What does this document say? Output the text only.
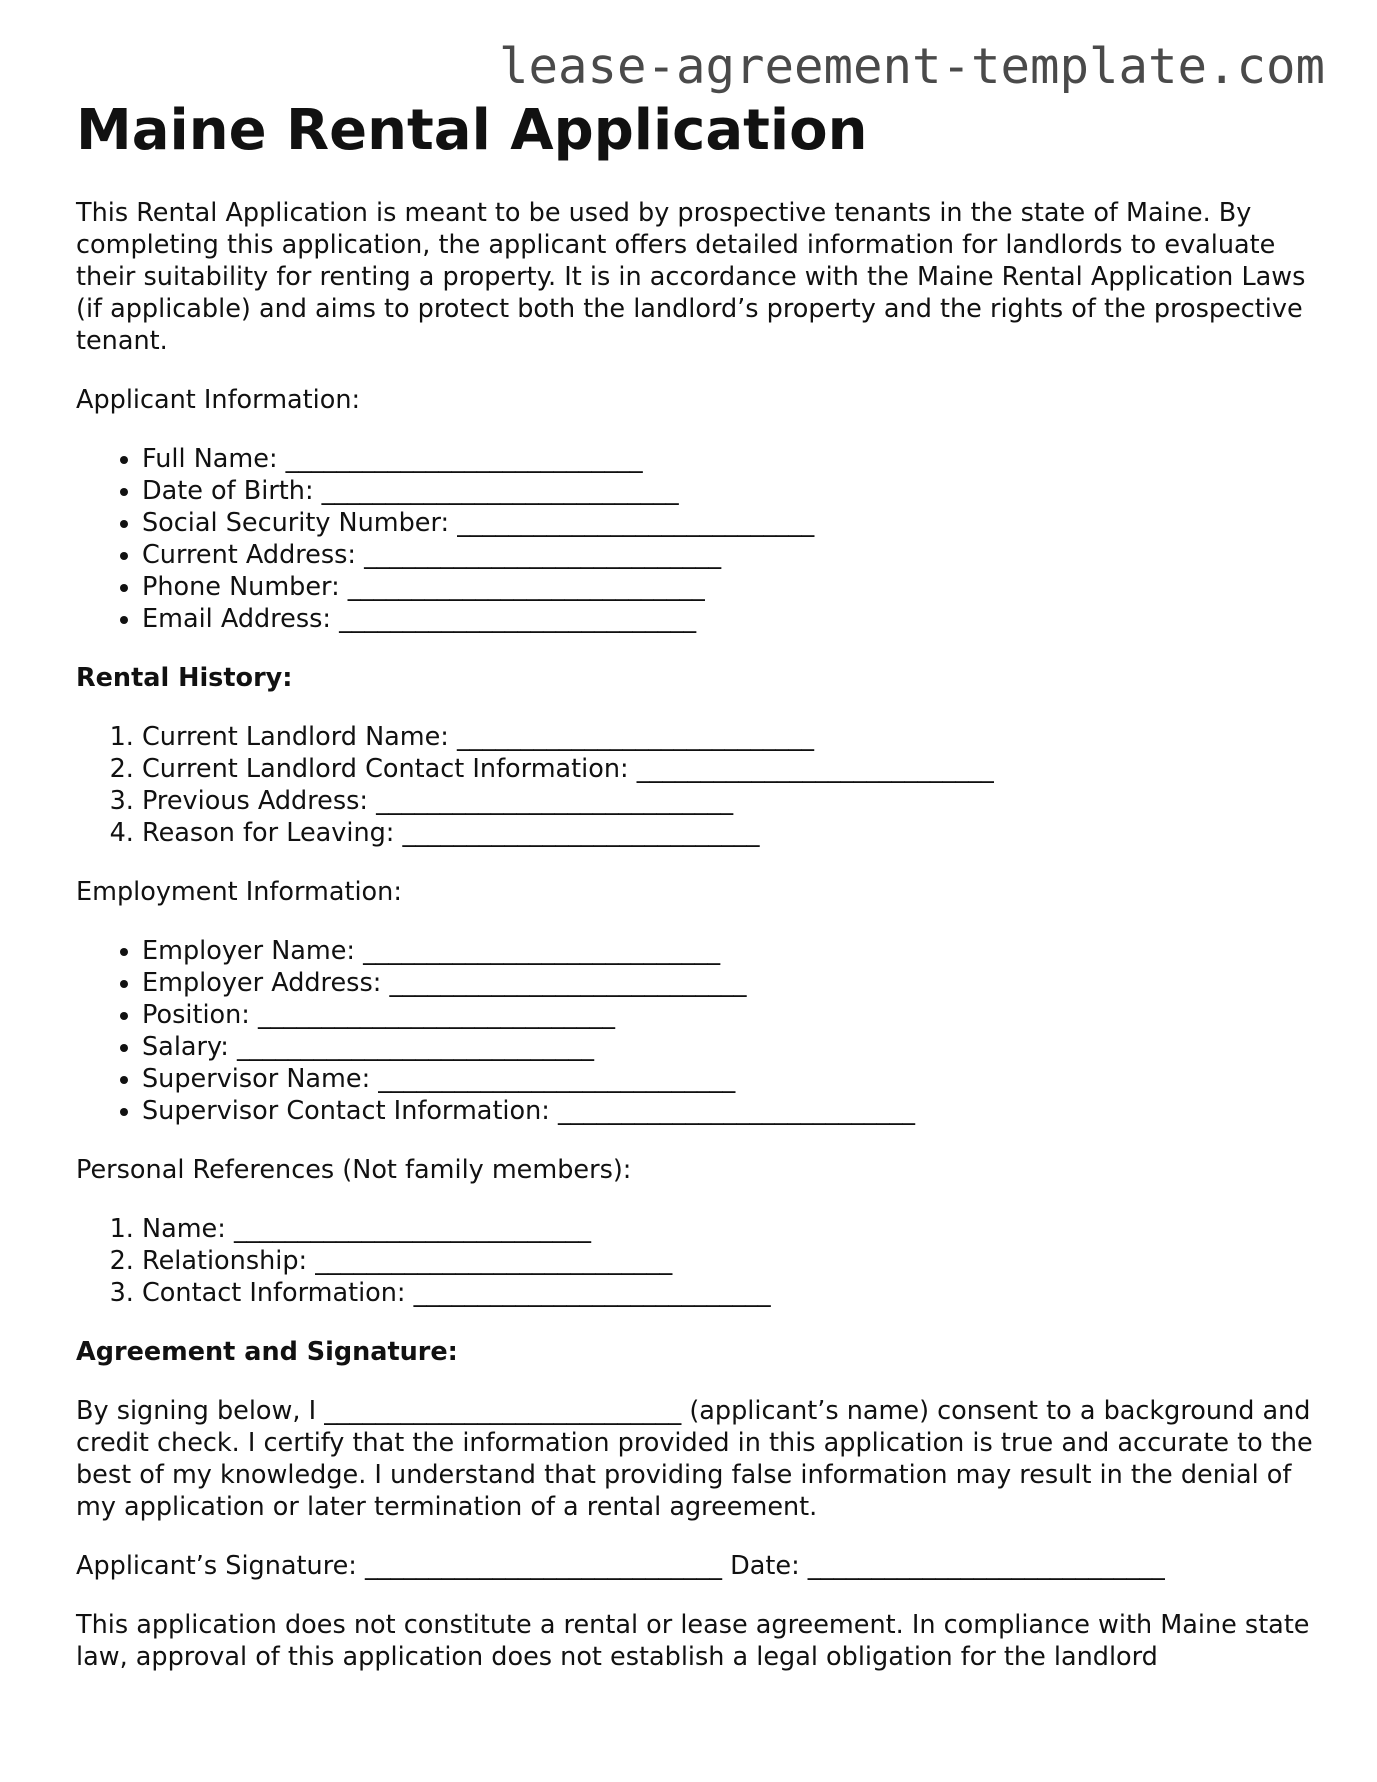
lease-agreement-template.com
Maine Rental Application

This Rental Application is meant to be used by prospective tenants in the state of Maine. By completing this application, the applicant offers detailed information for landlords to evaluate their suitability for renting a property. It is in accordance with the Maine Rental Application Laws (if applicable) and aims to protect both the landlord’s property and the rights of the prospective tenant.

Applicant Information:

• Full Name: ____________________________
• Date of Birth: ____________________________
• Social Security Number: ____________________________
• Current Address: ____________________________
• Phone Number: ____________________________
• Email Address: ____________________________

Rental History:

1. Current Landlord Name: ____________________________
2. Current Landlord Contact Information: ____________________________
3. Previous Address: ____________________________
4. Reason for Leaving: ____________________________

Employment Information:

• Employer Name: ____________________________
• Employer Address: ____________________________
• Position: ____________________________
• Salary: ____________________________
• Supervisor Name: ____________________________
• Supervisor Contact Information: ____________________________

Personal References (Not family members):

1. Name: ____________________________
2. Relationship: ____________________________
3. Contact Information: ____________________________

Agreement and Signature:

By signing below, I ____________________________ (applicant’s name) consent to a background and credit check. I certify that the information provided in this application is true and accurate to the best of my knowledge. I understand that providing false information may result in the denial of my application or later termination of a rental agreement.

Applicant’s Signature: ____________________________ Date: ____________________________

This application does not constitute a rental or lease agreement. In compliance with Maine state law, approval of this application does not establish a legal obligation for the landlord
